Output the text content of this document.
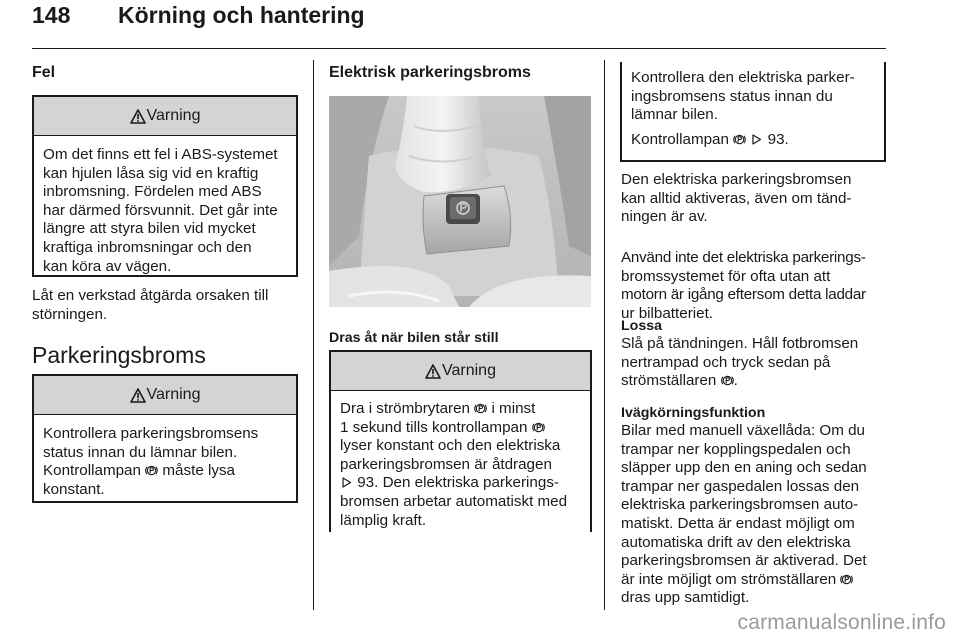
148 Körning och hantering
Fel
Varning
Om det finns ett fel i ABS-systemet
kan hjulen låsa sig vid en kraftig
inbromsning. Fördelen med ABS
har därmed försvunnit. Det går inte
längre att styra bilen vid mycket
kraftiga inbromsningar och den
kan köra av vägen.
Låt en verkstad åtgärda orsaken till
störningen.
Parkeringsbroms
Varning
Kontrollera parkeringsbromsens
status innan du lämnar bilen.
Kontrollampan måste lysa
konstant.
Elektrisk parkeringsbroms
Dras åt när bilen står still
Varning
Dra i strömbrytaren i minst
1 sekund tills kontrollampan
lyser konstant och den elektriska
parkeringsbromsen är åtdragen
93. Den elektriska parkerings-
bromsen arbetar automatiskt med
lämplig kraft.
Kontrollera den elektriska parker-
ingsbromsens status innan du
lämnar bilen.
Kontrollampan	93.
Den elektriska parkeringsbromsen
kan alltid aktiveras, även om tänd-
ningen är av.
Använd inte det elektriska parkerings-
bromssystemet för ofta utan att
motorn är igång eftersom detta laddar
ur bilbatteriet.
Lossa
Slå på tändningen. Håll fotbromsen
nertrampad och tryck sedan på
strömställaren .
Ivägkörningsfunktion
Bilar med manuell växellåda: Om du
trampar ner kopplingspedalen och
släpper upp den en aning och sedan
trampar ner gaspedalen lossas den
elektriska parkeringsbromsen auto-
matiskt. Detta är endast möjligt om
automatiska drift av den elektriska
parkeringsbromsen är aktiverad. Det
är inte möjligt om strömställaren
dras upp samtidigt.
carmanualsonline.info
